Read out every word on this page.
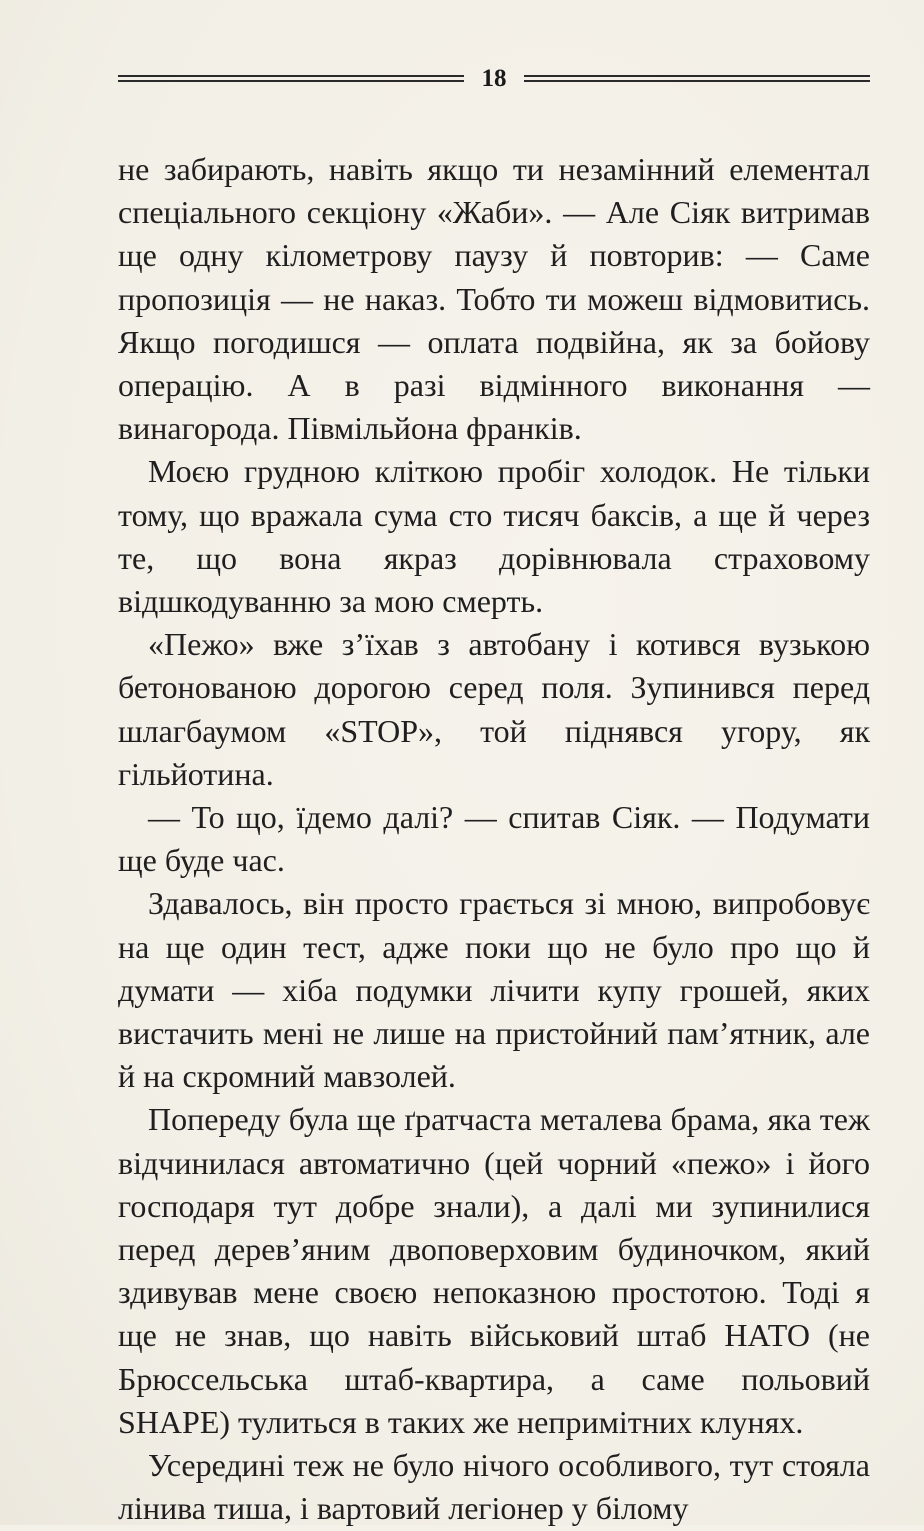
18

не забирають, навіть якщо ти незамінний елементал спеціального секціону «Жаби». — Але Сіяк витримав ще одну кілометрову паузу й повторив: — Саме пропозиція — не наказ. Тобто ти можеш відмовитись. Якщо погодишся — оплата подвійна, як за бойову операцію. А в разі відмінного виконання — винагорода. Півмільйона франків.

Моєю грудною кліткою пробіг холодок. Не тільки тому, що вражала сума сто тисяч баксів, а ще й через те, що вона якраз дорівнювала страховому відшкодуванню за мою смерть.

«Пежо» вже з’їхав з автобану і котився вузькою бетонованою дорогою серед поля. Зупинився перед шлагбаумом «STOP», той піднявся угору, як гільйотина.

— То що, їдемо далі? — спитав Сіяк. — Подумати ще буде час.

Здавалось, він просто грається зі мною, випробовує на ще один тест, адже поки що не було про що й думати — хіба подумки лічити купу грошей, яких вистачить мені не лише на пристойний пам’ятник, але й на скромний мавзолей.

Попереду була ще ґратчаста металева брама, яка теж відчинилася автоматично (цей чорний «пежо» і його господаря тут добре знали), а далі ми зупинилися перед дерев’яним двоповерховим будиночком, який здивував мене своєю непоказною простотою. Тоді я ще не знав, що навіть військовий штаб НАТО (не Брюссельська штаб-квартира, а саме польовий SHAPE) тулиться в таких же непримітних клунях.

Усередині теж не було нічого особливого, тут стояла лінива тиша, і вартовий легіонер у білому
